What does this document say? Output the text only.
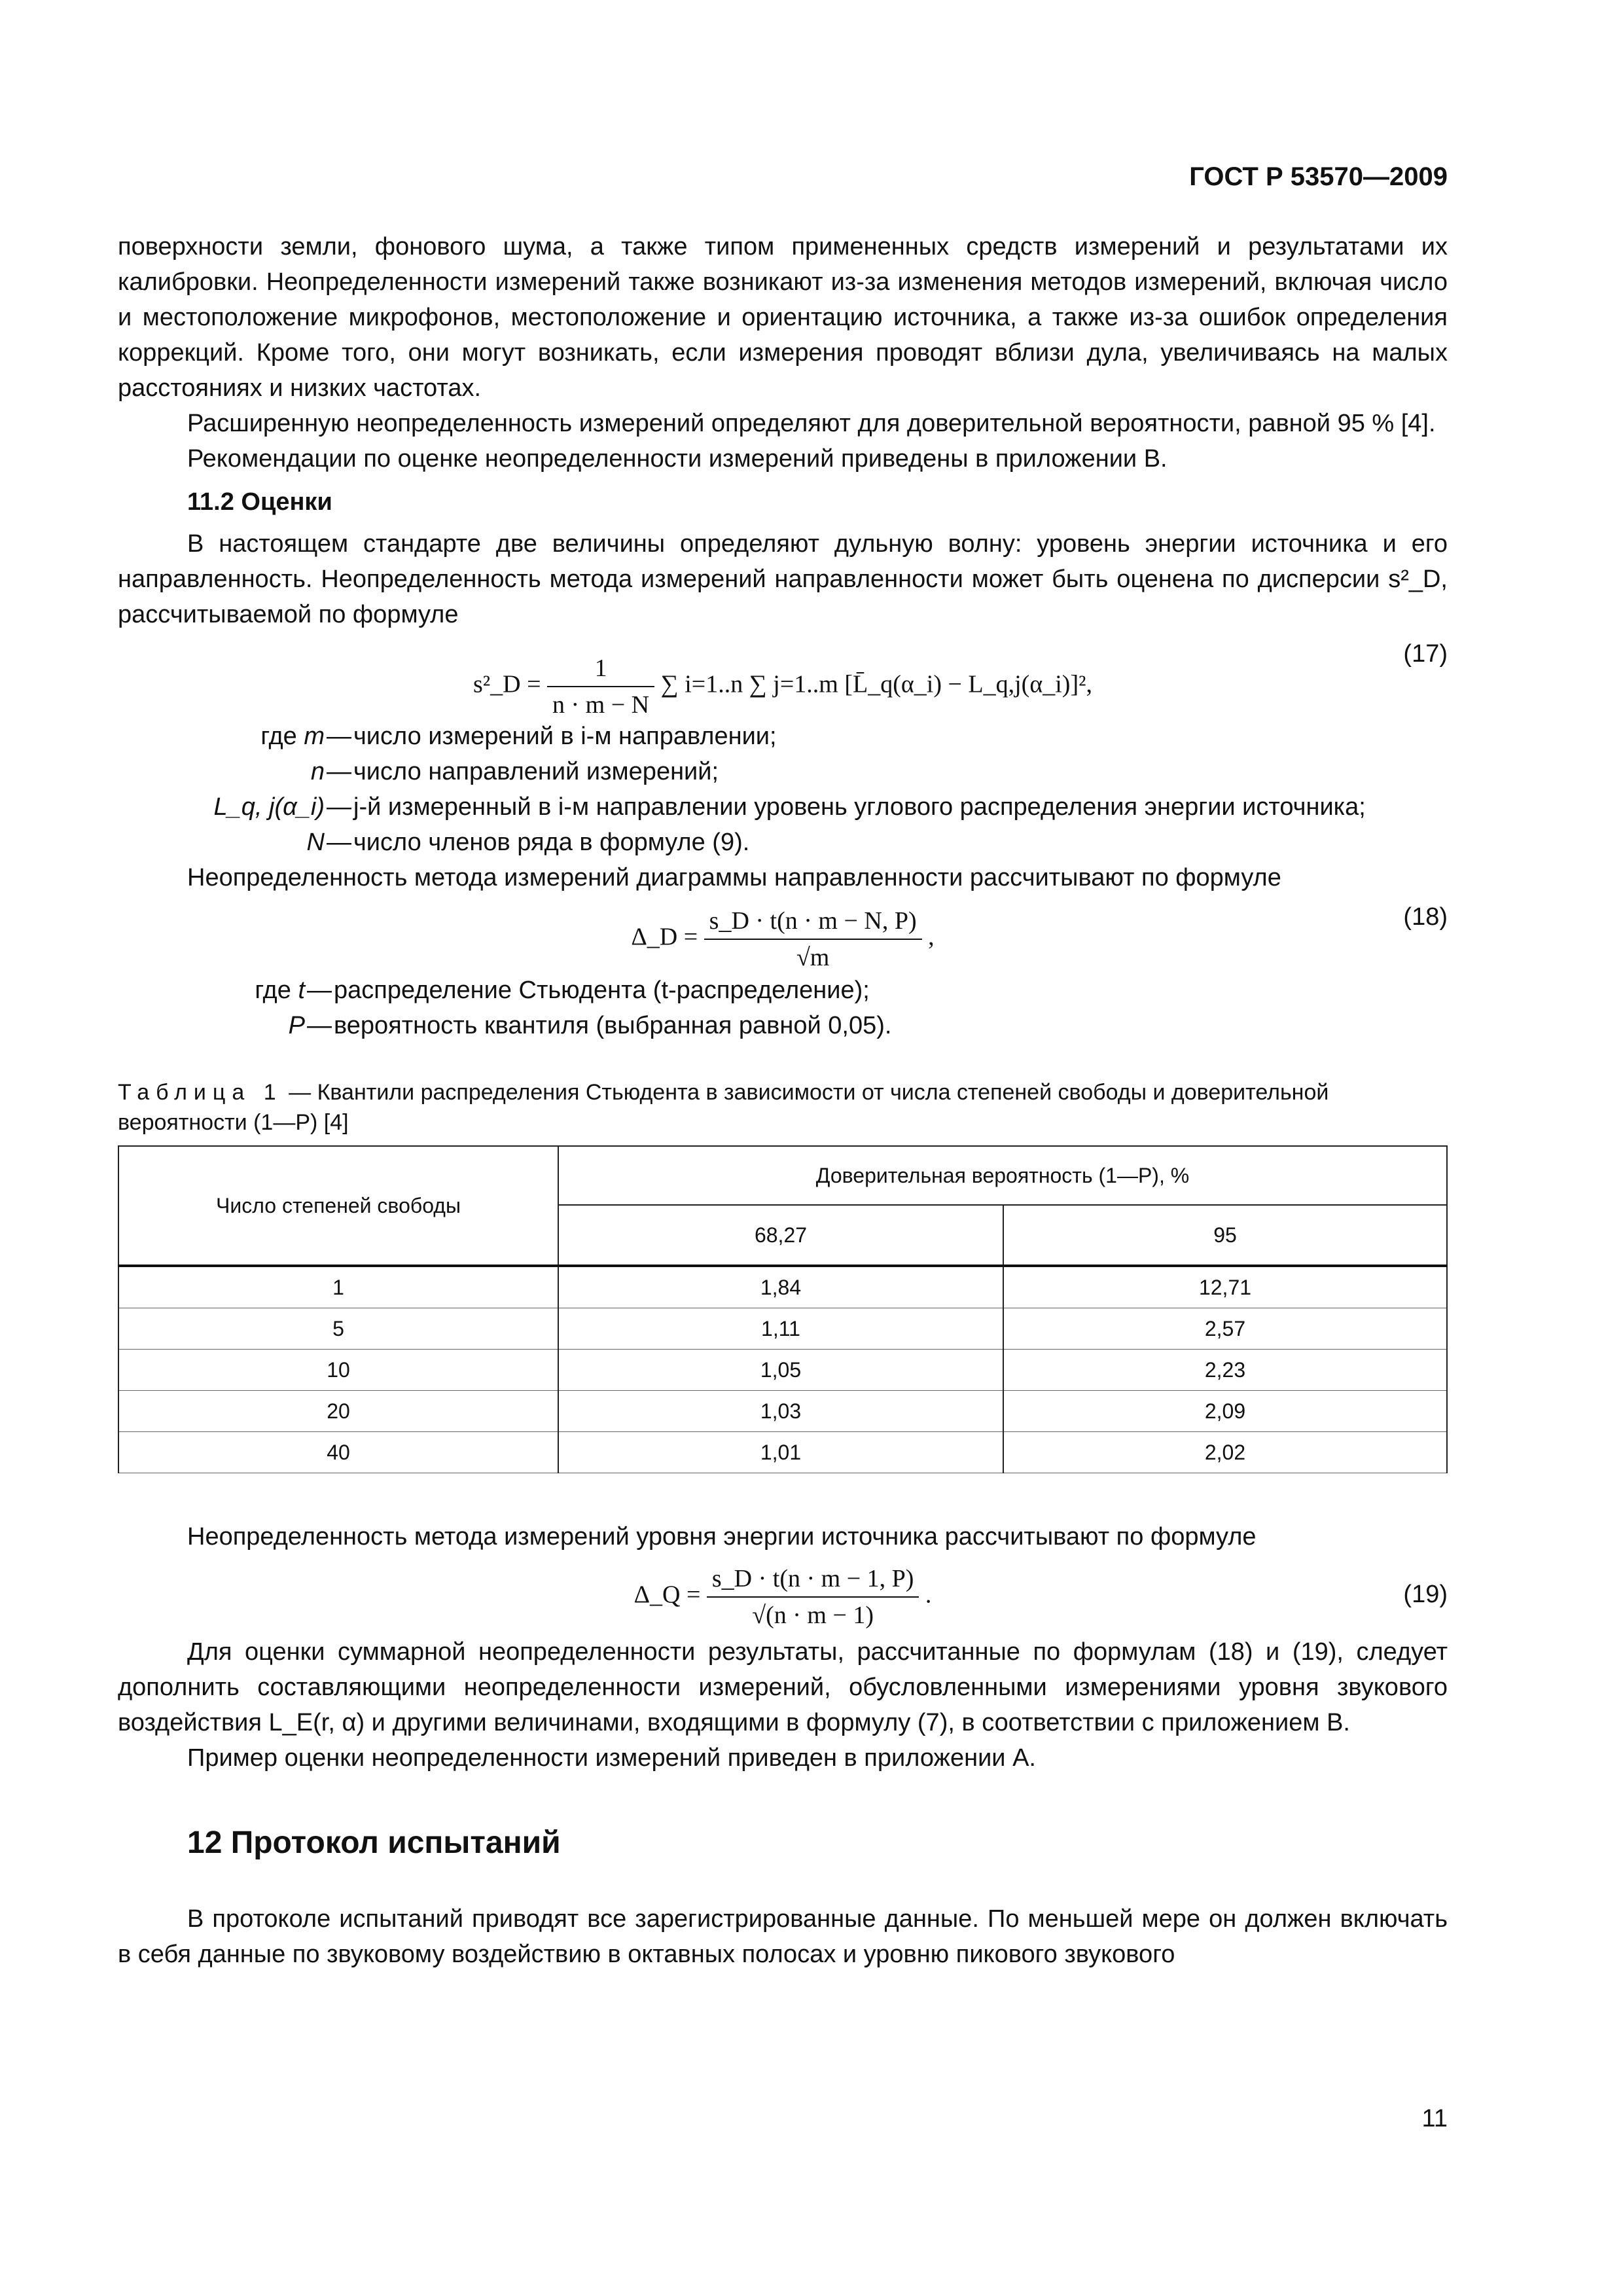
ГОСТ Р 53570—2009

поверхности земли, фонового шума, а также типом примененных средств измерений и результатами их калибровки. Неопределенности измерений также возникают из-за изменения методов измерений, включая число и местоположение микрофонов, местоположение и ориентацию источника, а также из-за ошибок определения коррекций. Кроме того, они могут возникать, если измерения проводят вблизи дула, увеличиваясь на малых расстояниях и низких частотах.

Расширенную неопределенность измерений определяют для доверительной вероятности, равной 95 % [4].

Рекомендации по оценке неопределенности измерений приведены в приложении В.

11.2 Оценки

В настоящем стандарте две величины определяют дульную волну: уровень энергии источника и его направленность. Неопределенность метода измерений направленности может быть оценена по дисперсии s²_D, рассчитываемой по формуле

s²_D = $\frac{1}{n \cdot m - N}$ ∑ i=1..n ∑ j=1..m [L̄_q(α_i) − L_q,j(α_i)]²,
(17)
где m — число измерений в i-м направлении;
n — число направлений измерений;
L_q, j(α_i) — j-й измеренный в i-м направлении уровень углового распределения энергии источника;
N — число членов ряда в формуле (9).

Неопределенность метода измерений диаграммы направленности рассчитывают по формуле

Δ_D = $\frac{s\_D \cdot t(n \cdot m - N, P)}{√m}$ ,
(18)
где t — распределение Стьюдента (t-распределение);
P — вероятность квантиля (выбранная равной 0,05).

Таблица 1 — Квантили распределения Стьюдента в зависимости от числа степеней свободы и доверительной вероятности (1—P) [4]

Число степеней свободы	Доверительная вероятность (1—P), %	
	68,27	95
1	1,84	12,71
5	1,11	2,57
10	1,05	2,23
20	1,03	2,09
40	1,01	2,02

Неопределенность метода измерений уровня энергии источника рассчитывают по формуле

Δ_Q = $\frac{s\_D \cdot t(n \cdot m - 1, P)}{√(n \cdot m - 1)}$ .	(19)

Для оценки суммарной неопределенности результаты, рассчитанные по формулам (18) и (19), следует дополнить составляющими неопределенности измерений, обусловленными измерениями уровня звукового воздействия L_E(r, α) и другими величинами, входящими в формулу (7), в соответствии с приложением В.

Пример оценки неопределенности измерений приведен в приложении А.

12 Протокол испытаний

В протоколе испытаний приводят все зарегистрированные данные. По меньшей мере он должен включать в себя данные по звуковому воздействию в октавных полосах и уровню пикового звукового

11
